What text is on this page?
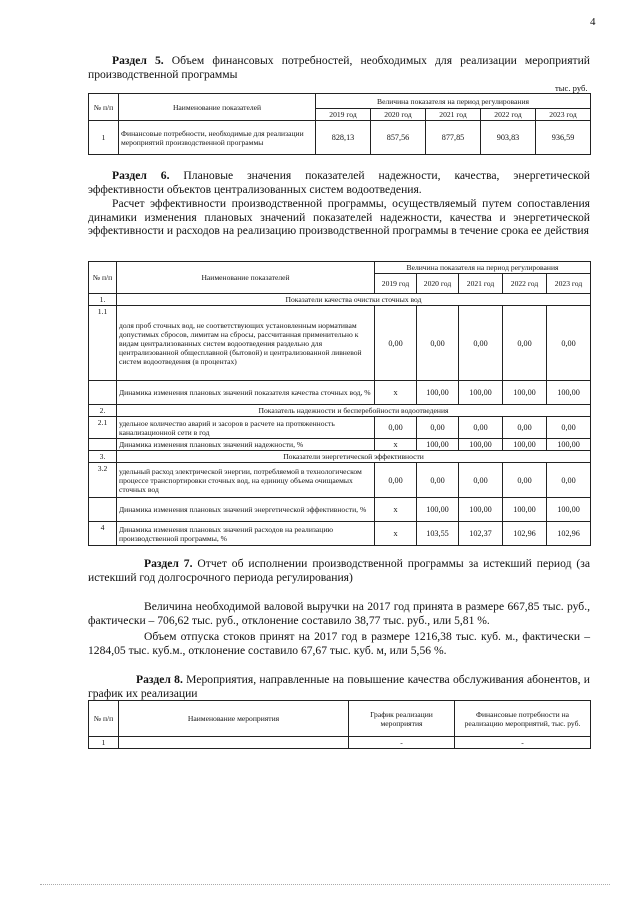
4

Раздел 5. Объем финансовых потребностей, необходимых для реализации мероприятий производственной программы

тыс. руб.
№ п/п	Наименование показателей	Величина показателя на период регулирования				
		2019 год	2020 год	2021 год	2022 год	2023 год
1	Финансовые потребности, необходимые для реализации мероприятий производственной программы	828,13	857,56	877,85	903,83	936,59

Раздел 6. Плановые значения показателей надежности, качества, энергетической эффективности объектов централизованных систем водоотведения.

Расчет эффективности производственной программы, осуществляемый путем сопоставления динамики изменения плановых значений показателей надежности, качества и энергетической эффективности и расходов на реализацию производственной программы в течение срока ее действия

№ п/п	Наименование показателей	Величина показателя на период регулирования				
		2019 год	2020 год	2021 год	2022 год	2023 год
1.	Показатели качества очистки сточных вод					
1.1	доля проб сточных вод, не соответствующих установленным нормативам допустимых сбросов, лимитам на сбросы, рассчитанная применительно к видам централизованных систем водоотведения раздельно для централизованной общесплавной (бытовой) и централизованной ливневой систем водоотведения (в процентах)	0,00	0,00	0,00	0,00	0,00
	Динамика изменения плановых значений показателя качества сточных вод, %	х	100,00	100,00	100,00	100,00
2.	Показатель надежности и бесперебойности водоотведения					
2.1	удельное количество аварий и засоров в расчете на протяженность канализационной сети в год	0,00	0,00	0,00	0,00	0,00
	Динамика изменения плановых значений надежности, %	х	100,00	100,00	100,00	100,00
3.	Показатели энергетической эффективности					
3.2	удельный расход электрической энергии, потребляемой в технологическом процессе транспортировки сточных вод, на единицу объема очищаемых сточных вод	0,00	0,00	0,00	0,00	0,00
	Динамика изменения плановых значений энергетической эффективности, %	х	100,00	100,00	100,00	100,00
4	Динамика изменения плановых значений расходов на реализацию производственной программы, %	х	103,55	102,37	102,96	102,96

Раздел 7. Отчет об исполнении производственной программы за истекший период (за истекший год долгосрочного периода регулирования)

Величина необходимой валовой выручки на 2017 год принята в размере 667,85 тыс. руб., фактически – 706,62 тыс. руб., отклонение составило 38,77 тыс. руб., или 5,81 %.

Объем отпуска стоков принят на 2017 год в размере 1216,38 тыс. куб. м., фактически – 1284,05 тыс. куб.м., отклонение составило 67,67 тыс. куб. м, или 5,56 %.

Раздел 8. Мероприятия, направленные на повышение качества обслуживания абонентов, и график их реализации

№ п/п	Наименование мероприятия	График реализации мероприятия	Финансовые потребности на реализацию мероприятий, тыс. руб.
1		-	-
